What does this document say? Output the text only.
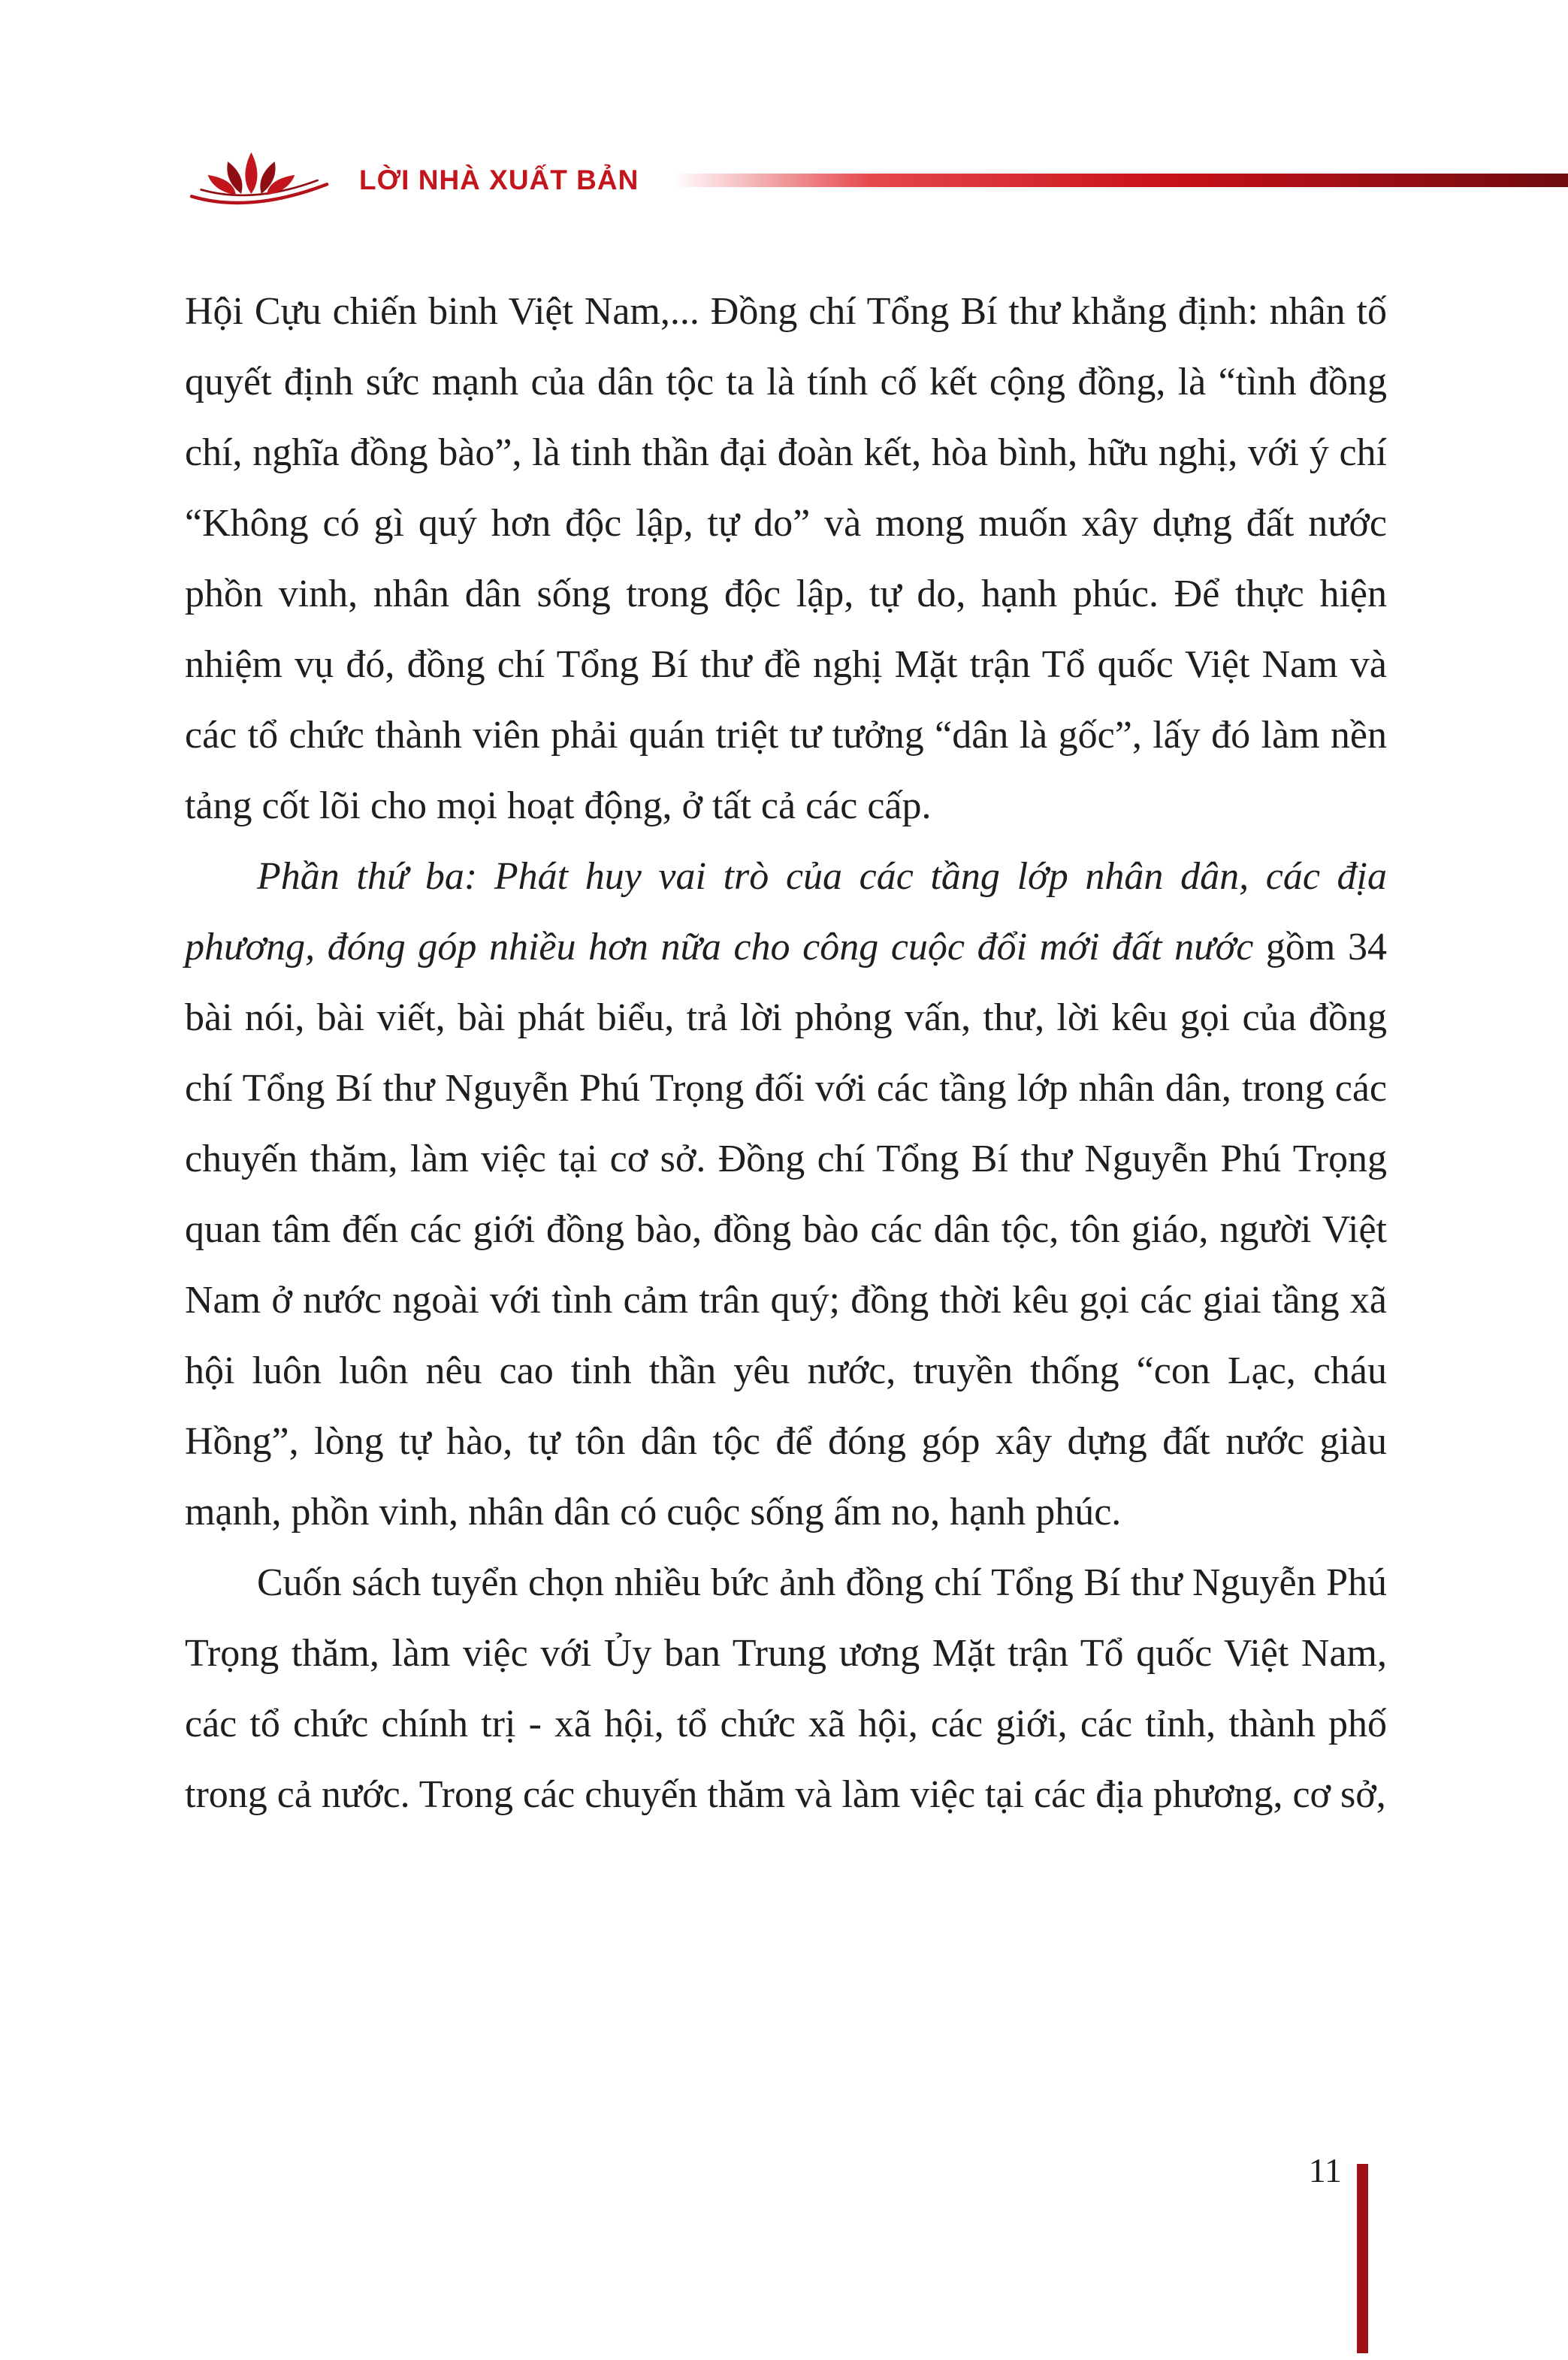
LỜI NHÀ XUẤT BẢN

Hội Cựu chiến binh Việt Nam,... Đồng chí Tổng Bí thư khẳng định: nhân tố quyết định sức mạnh của dân tộc ta là tính cố kết cộng đồng, là “tình đồng chí, nghĩa đồng bào”, là tinh thần đại đoàn kết, hòa bình, hữu nghị, với ý chí “Không có gì quý hơn độc lập, tự do” và mong muốn xây dựng đất nước phồn vinh, nhân dân sống trong độc lập, tự do, hạnh phúc. Để thực hiện nhiệm vụ đó, đồng chí Tổng Bí thư đề nghị Mặt trận Tổ quốc Việt Nam và các tổ chức thành viên phải quán triệt tư tưởng “dân là gốc”, lấy đó làm nền tảng cốt lõi cho mọi hoạt động, ở tất cả các cấp.

Phần thứ ba: Phát huy vai trò của các tầng lớp nhân dân, các địa phương, đóng góp nhiều hơn nữa cho công cuộc đổi mới đất nước gồm 34 bài nói, bài viết, bài phát biểu, trả lời phỏng vấn, thư, lời kêu gọi của đồng chí Tổng Bí thư Nguyễn Phú Trọng đối với các tầng lớp nhân dân, trong các chuyến thăm, làm việc tại cơ sở. Đồng chí Tổng Bí thư Nguyễn Phú Trọng quan tâm đến các giới đồng bào, đồng bào các dân tộc, tôn giáo, người Việt Nam ở nước ngoài với tình cảm trân quý; đồng thời kêu gọi các giai tầng xã hội luôn luôn nêu cao tinh thần yêu nước, truyền thống “con Lạc, cháu Hồng”, lòng tự hào, tự tôn dân tộc để đóng góp xây dựng đất nước giàu mạnh, phồn vinh, nhân dân có cuộc sống ấm no, hạnh phúc.

Cuốn sách tuyển chọn nhiều bức ảnh đồng chí Tổng Bí thư Nguyễn Phú Trọng thăm, làm việc với Ủy ban Trung ương Mặt trận Tổ quốc Việt Nam, các tổ chức chính trị - xã hội, tổ chức xã hội, các giới, các tỉnh, thành phố trong cả nước. Trong các chuyến thăm và làm việc tại các địa phương, cơ sở,

11
